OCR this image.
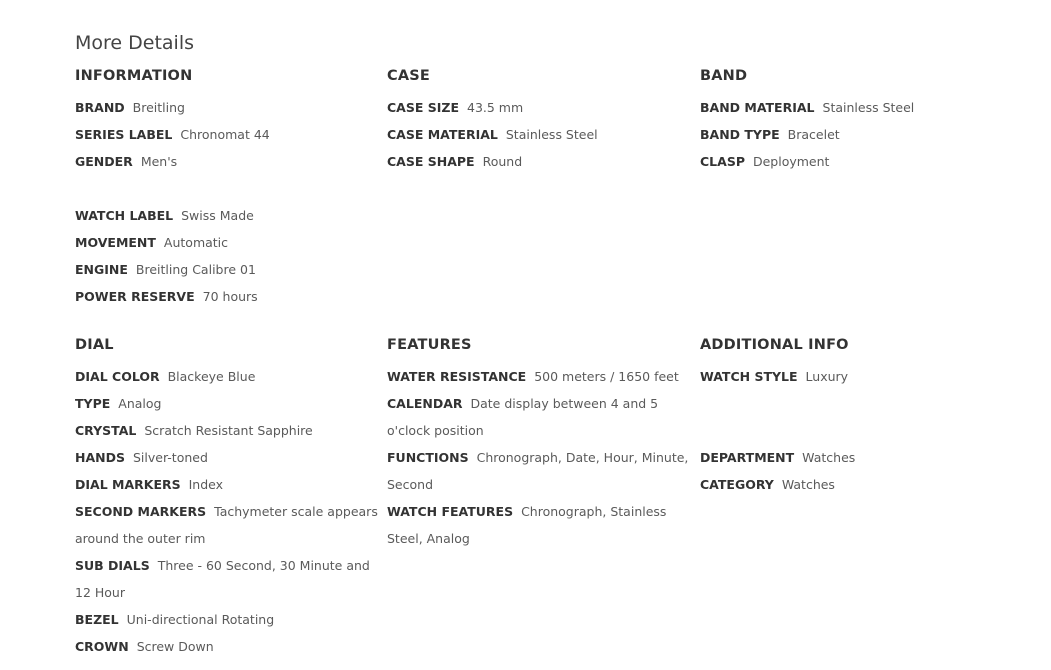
More Details
INFORMATION
BRAND Breitling
SERIES LABEL Chronomat 44
GENDER Men's
WATCH LABEL Swiss Made
MOVEMENT Automatic
ENGINE Breitling Calibre 01
POWER RESERVE 70 hours
CASE
CASE SIZE 43.5 mm
CASE MATERIAL Stainless Steel
CASE SHAPE Round
BAND
BAND MATERIAL Stainless Steel
BAND TYPE Bracelet
CLASP Deployment
DIAL
DIAL COLOR Blackeye Blue
TYPE Analog
CRYSTAL Scratch Resistant Sapphire
HANDS Silver-toned
DIAL MARKERS Index
SECOND MARKERS Tachymeter scale appears around the outer rim
SUB DIALS Three - 60 Second, 30 Minute and 12 Hour
BEZEL Uni-directional Rotating
CROWN Screw Down
FEATURES
WATER RESISTANCE 500 meters / 1650 feet
CALENDAR Date display between 4 and 5 o'clock position
FUNCTIONS Chronograph, Date, Hour, Minute, Second
WATCH FEATURES Chronograph, Stainless Steel, Analog
ADDITIONAL INFO
WATCH STYLE Luxury
DEPARTMENT Watches
CATEGORY Watches
